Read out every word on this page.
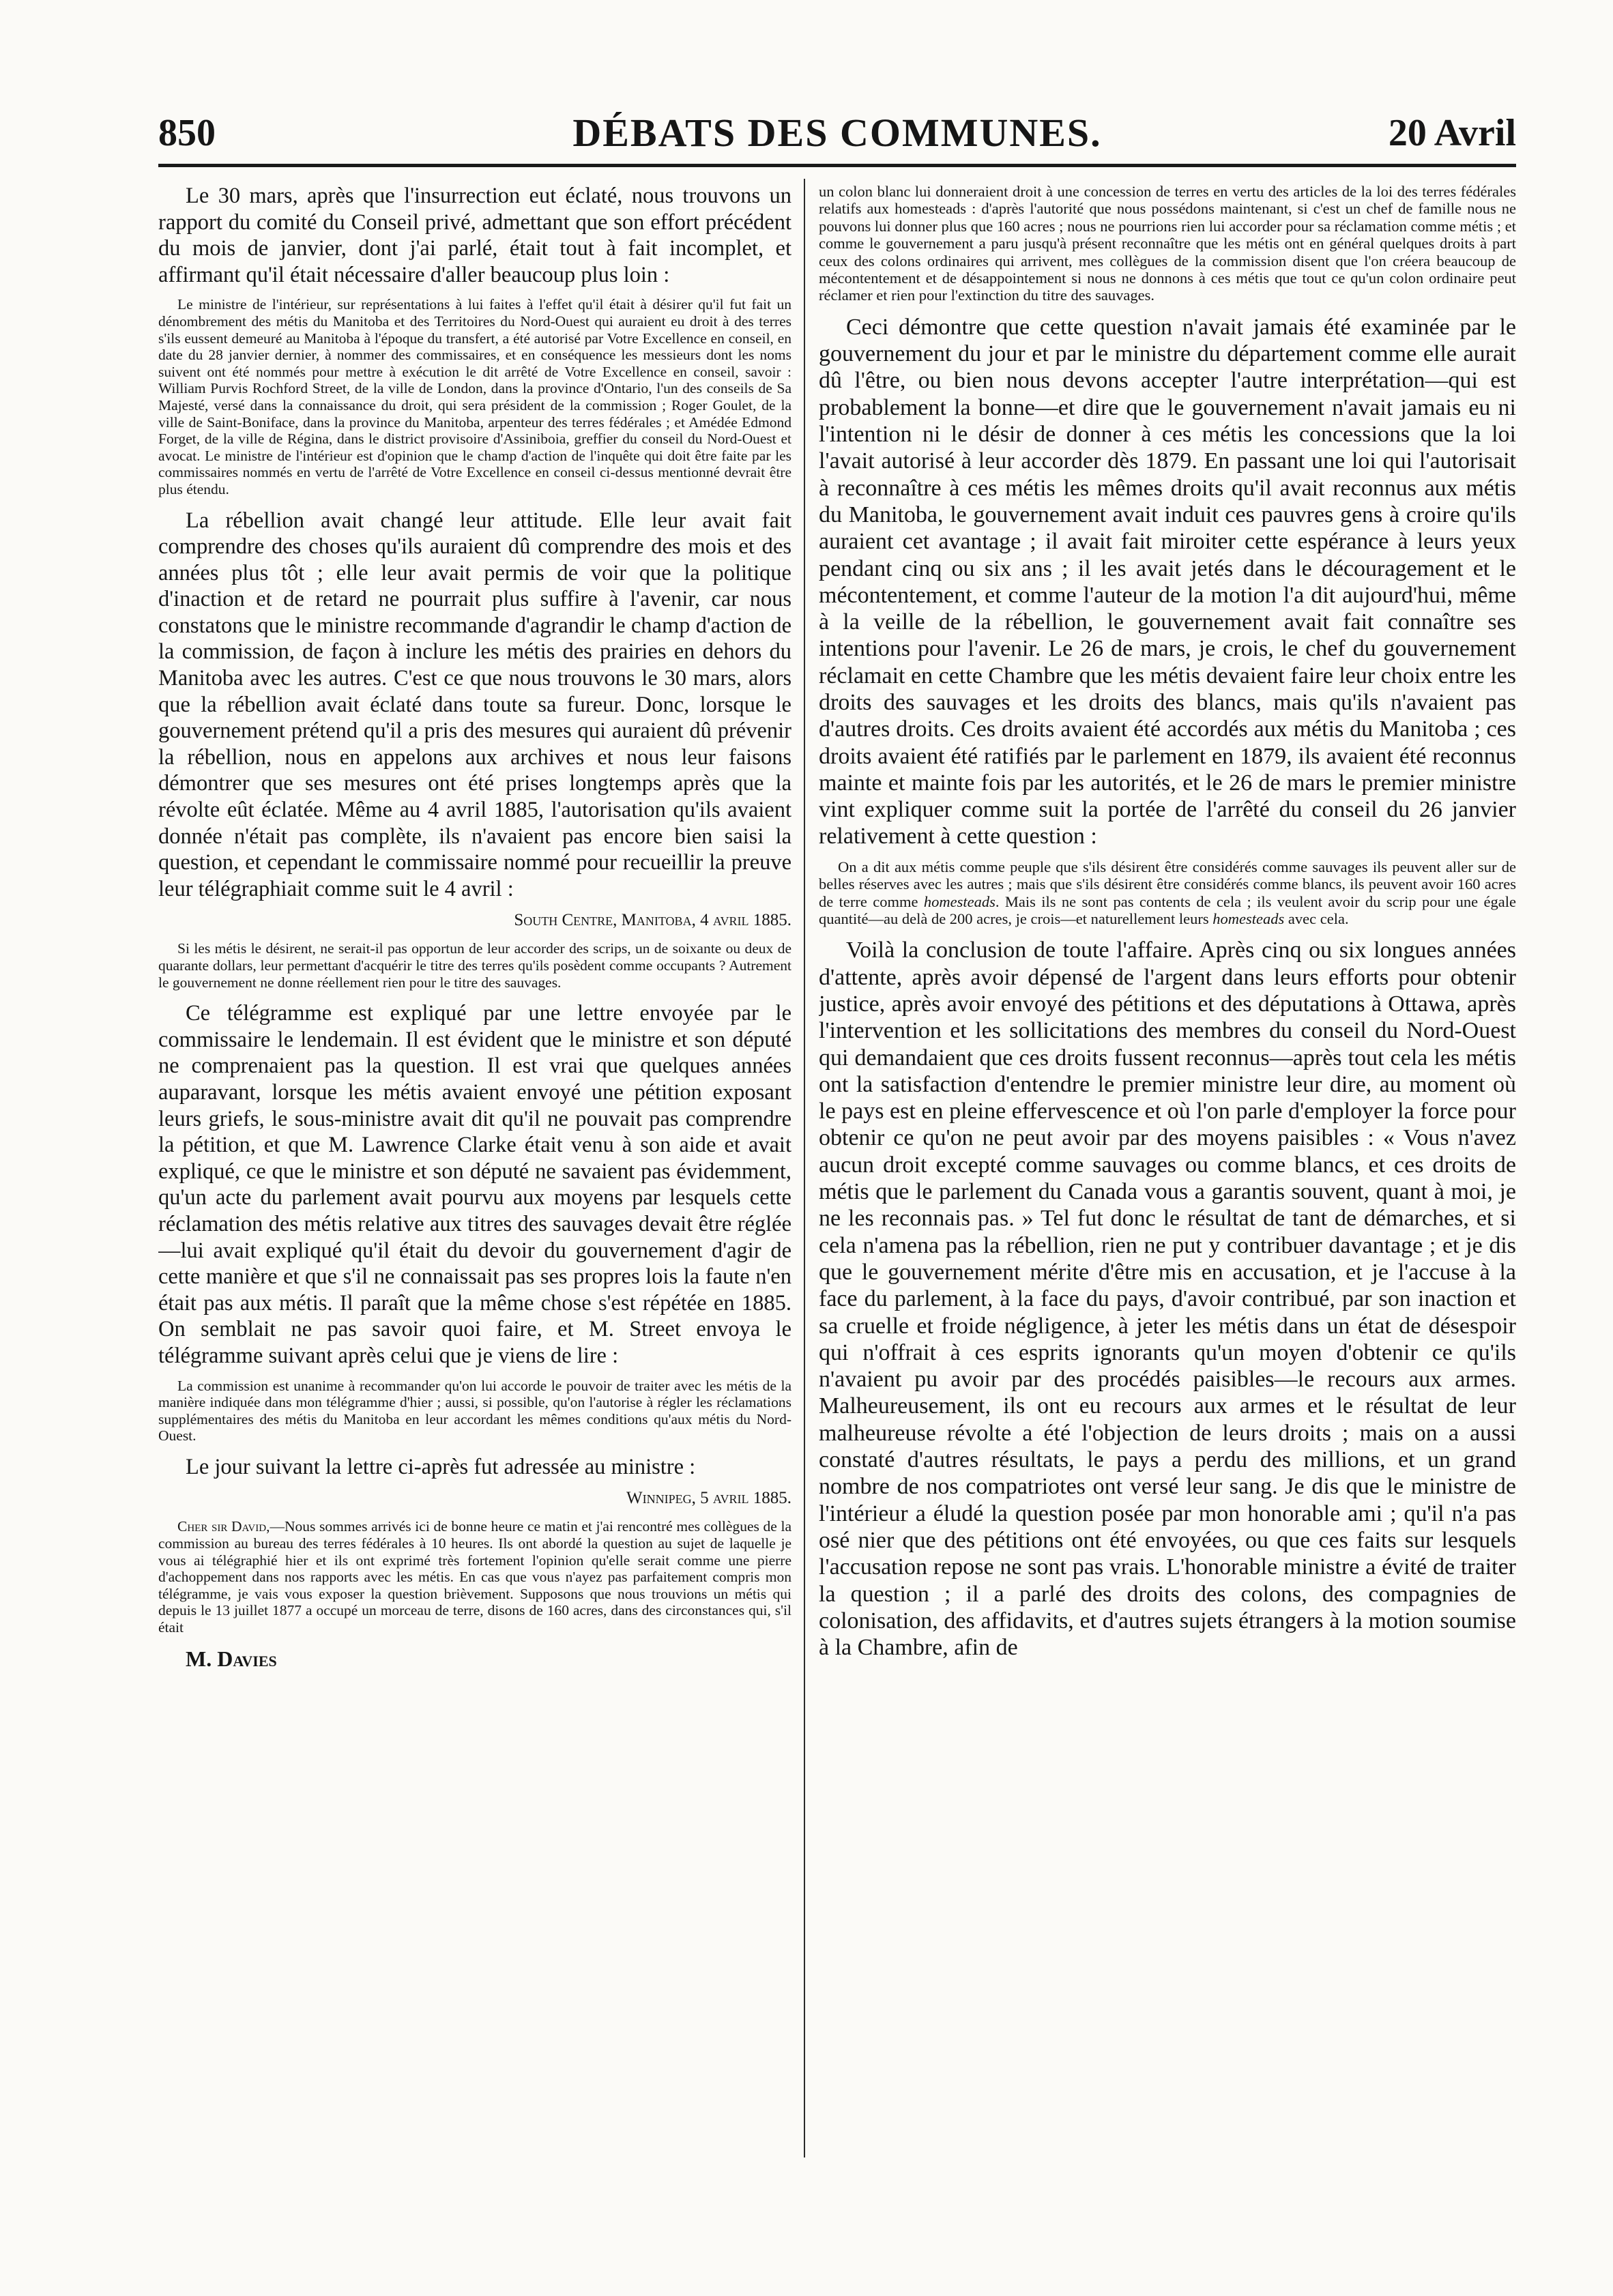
850	DÉBATS DES COMMUNES.	20 Avril

Le 30 mars, après que l'insurrection eut éclaté, nous trouvons un rapport du comité du Conseil privé, admettant que son effort précédent du mois de janvier, dont j'ai parlé, était tout à fait incomplet, et affirmant qu'il était nécessaire d'aller beaucoup plus loin :

Le ministre de l'intérieur, sur représentations à lui faites à l'effet qu'il était à désirer qu'il fut fait un dénombrement des métis du Manitoba et des Territoires du Nord-Ouest qui auraient eu droit à des terres s'ils eussent demeuré au Manitoba à l'époque du transfert, a été autorisé par Votre Excellence en conseil, en date du 28 janvier dernier, à nommer des commissaires, et en conséquence les messieurs dont les noms suivent ont été nommés pour mettre à exécution le dit arrêté de Votre Excellence en conseil, savoir : William Purvis Rochford Street, de la ville de London, dans la province d'Ontario, l'un des conseils de Sa Majesté, versé dans la connaissance du droit, qui sera président de la commission ; Roger Goulet, de la ville de Saint-Boniface, dans la province du Manitoba, arpenteur des terres fédérales ; et Amédée Edmond Forget, de la ville de Régina, dans le district provisoire d'Assiniboia, greffier du conseil du Nord-Ouest et avocat. Le ministre de l'intérieur est d'opinion que le champ d'action de l'inquête qui doit être faite par les commissaires nommés en vertu de l'arrêté de Votre Excellence en conseil ci-dessus mentionné devrait être plus étendu.

La rébellion avait changé leur attitude. Elle leur avait fait comprendre des choses qu'ils auraient dû comprendre des mois et des années plus tôt ; elle leur avait permis de voir que la politique d'inaction et de retard ne pourrait plus suffire à l'avenir, car nous constatons que le ministre recommande d'agrandir le champ d'action de la commission, de façon à inclure les métis des prairies en dehors du Manitoba avec les autres. C'est ce que nous trouvons le 30 mars, alors que la rébellion avait éclaté dans toute sa fureur. Donc, lorsque le gouvernement prétend qu'il a pris des mesures qui auraient dû prévenir la rébellion, nous en appelons aux archives et nous leur faisons démontrer que ses mesures ont été prises longtemps après que la révolte eût éclatée. Même au 4 avril 1885, l'autorisation qu'ils avaient donnée n'était pas complète, ils n'avaient pas encore bien saisi la question, et cependant le commissaire nommé pour recueillir la preuve leur télégraphiait comme suit le 4 avril :

South Centre, Manitoba, 4 avril 1885.

Si les métis le désirent, ne serait-il pas opportun de leur accorder des scrips, un de soixante ou deux de quarante dollars, leur permettant d'acquérir le titre des terres qu'ils posèdent comme occupants ? Autrement le gouvernement ne donne réellement rien pour le titre des sauvages.

Ce télégramme est expliqué par une lettre envoyée par le commissaire le lendemain. Il est évident que le ministre et son député ne comprenaient pas la question. Il est vrai que quelques années auparavant, lorsque les métis avaient envoyé une pétition exposant leurs griefs, le sous-ministre avait dit qu'il ne pouvait pas comprendre la pétition, et que M. Lawrence Clarke était venu à son aide et avait expliqué, ce que le ministre et son député ne savaient pas évidemment, qu'un acte du parlement avait pourvu aux moyens par lesquels cette réclamation des métis relative aux titres des sauvages devait être réglée—lui avait expliqué qu'il était du devoir du gouvernement d'agir de cette manière et que s'il ne connaissait pas ses propres lois la faute n'en était pas aux métis. Il paraît que la même chose s'est répétée en 1885. On semblait ne pas savoir quoi faire, et M. Street envoya le télégramme suivant après celui que je viens de lire :

La commission est unanime à recommander qu'on lui accorde le pouvoir de traiter avec les métis de la manière indiquée dans mon télégramme d'hier ; aussi, si possible, qu'on l'autorise à régler les réclamations supplémentaires des métis du Manitoba en leur accordant les mêmes conditions qu'aux métis du Nord-Ouest.

Le jour suivant la lettre ci-après fut adressée au ministre :

Winnipeg, 5 avril 1885.

Cher sir David,—Nous sommes arrivés ici de bonne heure ce matin et j'ai rencontré mes collègues de la commission au bureau des terres fédérales à 10 heures. Ils ont abordé la question au sujet de laquelle je vous ai télégraphié hier et ils ont exprimé très fortement l'opinion qu'elle serait comme une pierre d'achoppement dans nos rapports avec les métis. En cas que vous n'ayez pas parfaitement compris mon télégramme, je vais vous exposer la question brièvement. Supposons que nous trouvions un métis qui depuis le 13 juillet 1877 a occupé un morceau de terre, disons de 160 acres, dans des circonstances qui, s'il était

M. Davies

un colon blanc lui donneraient droit à une concession de terres en vertu des articles de la loi des terres fédérales relatifs aux homesteads : d'après l'autorité que nous possédons maintenant, si c'est un chef de famille nous ne pouvons lui donner plus que 160 acres ; nous ne pourrions rien lui accorder pour sa réclamation comme métis ; et comme le gouvernement a paru jusqu'à présent reconnaître que les métis ont en général quelques droits à part ceux des colons ordinaires qui arrivent, mes collègues de la commission disent que l'on créera beaucoup de mécontentement et de désappointement si nous ne donnons à ces métis que tout ce qu'un colon ordinaire peut réclamer et rien pour l'extinction du titre des sauvages.

Ceci démontre que cette question n'avait jamais été examinée par le gouvernement du jour et par le ministre du département comme elle aurait dû l'être, ou bien nous devons accepter l'autre interprétation—qui est probablement la bonne—et dire que le gouvernement n'avait jamais eu ni l'intention ni le désir de donner à ces métis les concessions que la loi l'avait autorisé à leur accorder dès 1879. En passant une loi qui l'autorisait à reconnaître à ces métis les mêmes droits qu'il avait reconnus aux métis du Manitoba, le gouvernement avait induit ces pauvres gens à croire qu'ils auraient cet avantage ; il avait fait miroiter cette espérance à leurs yeux pendant cinq ou six ans ; il les avait jetés dans le découragement et le mécontentement, et comme l'auteur de la motion l'a dit aujourd'hui, même à la veille de la rébellion, le gouvernement avait fait connaître ses intentions pour l'avenir. Le 26 de mars, je crois, le chef du gouvernement réclamait en cette Chambre que les métis devaient faire leur choix entre les droits des sauvages et les droits des blancs, mais qu'ils n'avaient pas d'autres droits. Ces droits avaient été accordés aux métis du Manitoba ; ces droits avaient été ratifiés par le parlement en 1879, ils avaient été reconnus mainte et mainte fois par les autorités, et le 26 de mars le premier ministre vint expliquer comme suit la portée de l'arrêté du conseil du 26 janvier relativement à cette question :

On a dit aux métis comme peuple que s'ils désirent être considérés comme sauvages ils peuvent aller sur de belles réserves avec les autres ; mais que s'ils désirent être considérés comme blancs, ils peuvent avoir 160 acres de terre comme homesteads. Mais ils ne sont pas contents de cela ; ils veulent avoir du scrip pour une égale quantité—au delà de 200 acres, je crois—et naturellement leurs homesteads avec cela.

Voilà la conclusion de toute l'affaire. Après cinq ou six longues années d'attente, après avoir dépensé de l'argent dans leurs efforts pour obtenir justice, après avoir envoyé des pétitions et des députations à Ottawa, après l'intervention et les sollicitations des membres du conseil du Nord-Ouest qui demandaient que ces droits fussent reconnus—après tout cela les métis ont la satisfaction d'entendre le premier ministre leur dire, au moment où le pays est en pleine effervescence et où l'on parle d'employer la force pour obtenir ce qu'on ne peut avoir par des moyens paisibles : « Vous n'avez aucun droit excepté comme sauvages ou comme blancs, et ces droits de métis que le parlement du Canada vous a garantis souvent, quant à moi, je ne les reconnais pas. » Tel fut donc le résultat de tant de démarches, et si cela n'amena pas la rébellion, rien ne put y contribuer davantage ; et je dis que le gouvernement mérite d'être mis en accusation, et je l'accuse à la face du parlement, à la face du pays, d'avoir contribué, par son inaction et sa cruelle et froide négligence, à jeter les métis dans un état de désespoir qui n'offrait à ces esprits ignorants qu'un moyen d'obtenir ce qu'ils n'avaient pu avoir par des procédés paisibles—le recours aux armes. Malheureusement, ils ont eu recours aux armes et le résultat de leur malheureuse révolte a été l'objection de leurs droits ; mais on a aussi constaté d'autres résultats, le pays a perdu des millions, et un grand nombre de nos compatriotes ont versé leur sang. Je dis que le ministre de l'intérieur a éludé la question posée par mon honorable ami ; qu'il n'a pas osé nier que des pétitions ont été envoyées, ou que ces faits sur lesquels l'accusation repose ne sont pas vrais. L'honorable ministre a évité de traiter la question ; il a parlé des droits des colons, des compagnies de colonisation, des affidavits, et d'autres sujets étrangers à la motion soumise à la Chambre, afin de
